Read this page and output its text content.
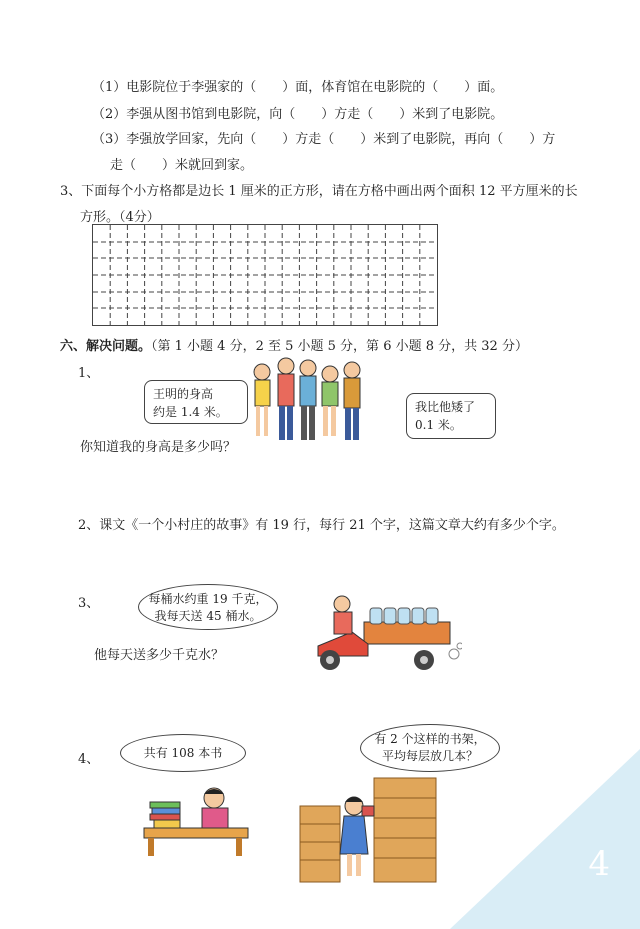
4
（1）电影院位于李强家的（　　）面，体育馆在电影院的（　　）面。
（2）李强从图书馆到电影院，向（　　）方走（　　）米到了电影院。
（3）李强放学回家，先向（　　）方走（　　）米到了电影院，再向（　　）方
走（　　）米就回到家。
3、下面每个小方格都是边长 1 厘米的正方形，请在方格中画出两个面积 12 平方厘米的长
方形。（4分）
六、解决问题。（第 1 小题 4 分，2 至 5 小题 5 分，第 6 小题 8 分，共 32 分）
1、
王明的身高
约是 1.4 米。	我比他矮了
0.1 米。
你知道我的身高是多少吗？
2、课文《一个小村庄的故事》有 19 行，每行 21 个字，这篇文章大约有多少个字。
3、	每桶水约重 19 千克，
我每天送 45 桶水。
他每天送多少千克水？
4、	共有 108 本书
有 2 个这样的书架，
平均每层放几本？
